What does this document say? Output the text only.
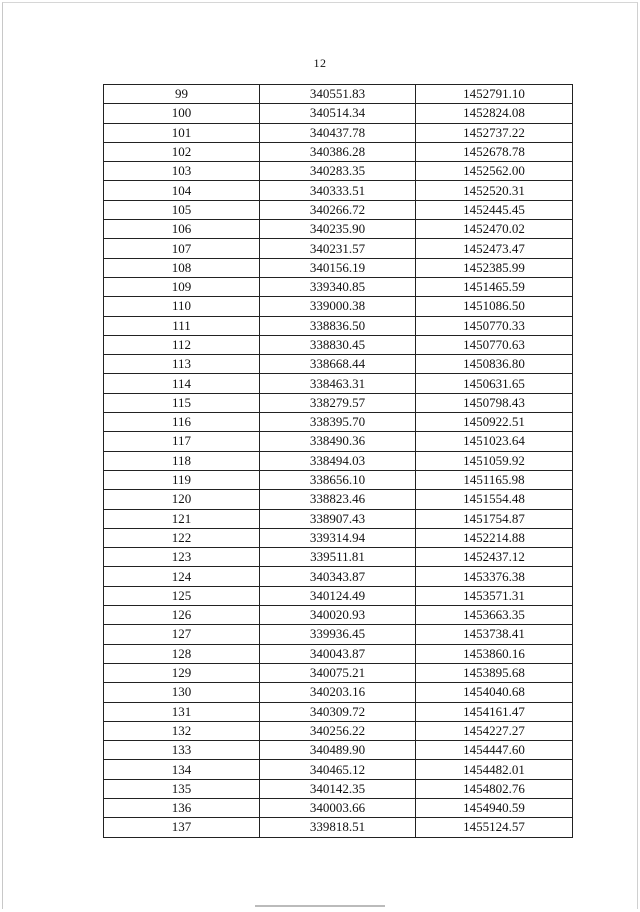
12
99	340551.83	1452791.10
100	340514.34	1452824.08
101	340437.78	1452737.22
102	340386.28	1452678.78
103	340283.35	1452562.00
104	340333.51	1452520.31
105	340266.72	1452445.45
106	340235.90	1452470.02
107	340231.57	1452473.47
108	340156.19	1452385.99
109	339340.85	1451465.59
110	339000.38	1451086.50
111	338836.50	1450770.33
112	338830.45	1450770.63
113	338668.44	1450836.80
114	338463.31	1450631.65
115	338279.57	1450798.43
116	338395.70	1450922.51
117	338490.36	1451023.64
118	338494.03	1451059.92
119	338656.10	1451165.98
120	338823.46	1451554.48
121	338907.43	1451754.87
122	339314.94	1452214.88
123	339511.81	1452437.12
124	340343.87	1453376.38
125	340124.49	1453571.31
126	340020.93	1453663.35
127	339936.45	1453738.41
128	340043.87	1453860.16
129	340075.21	1453895.68
130	340203.16	1454040.68
131	340309.72	1454161.47
132	340256.22	1454227.27
133	340489.90	1454447.60
134	340465.12	1454482.01
135	340142.35	1454802.76
136	340003.66	1454940.59
137	339818.51	1455124.57
